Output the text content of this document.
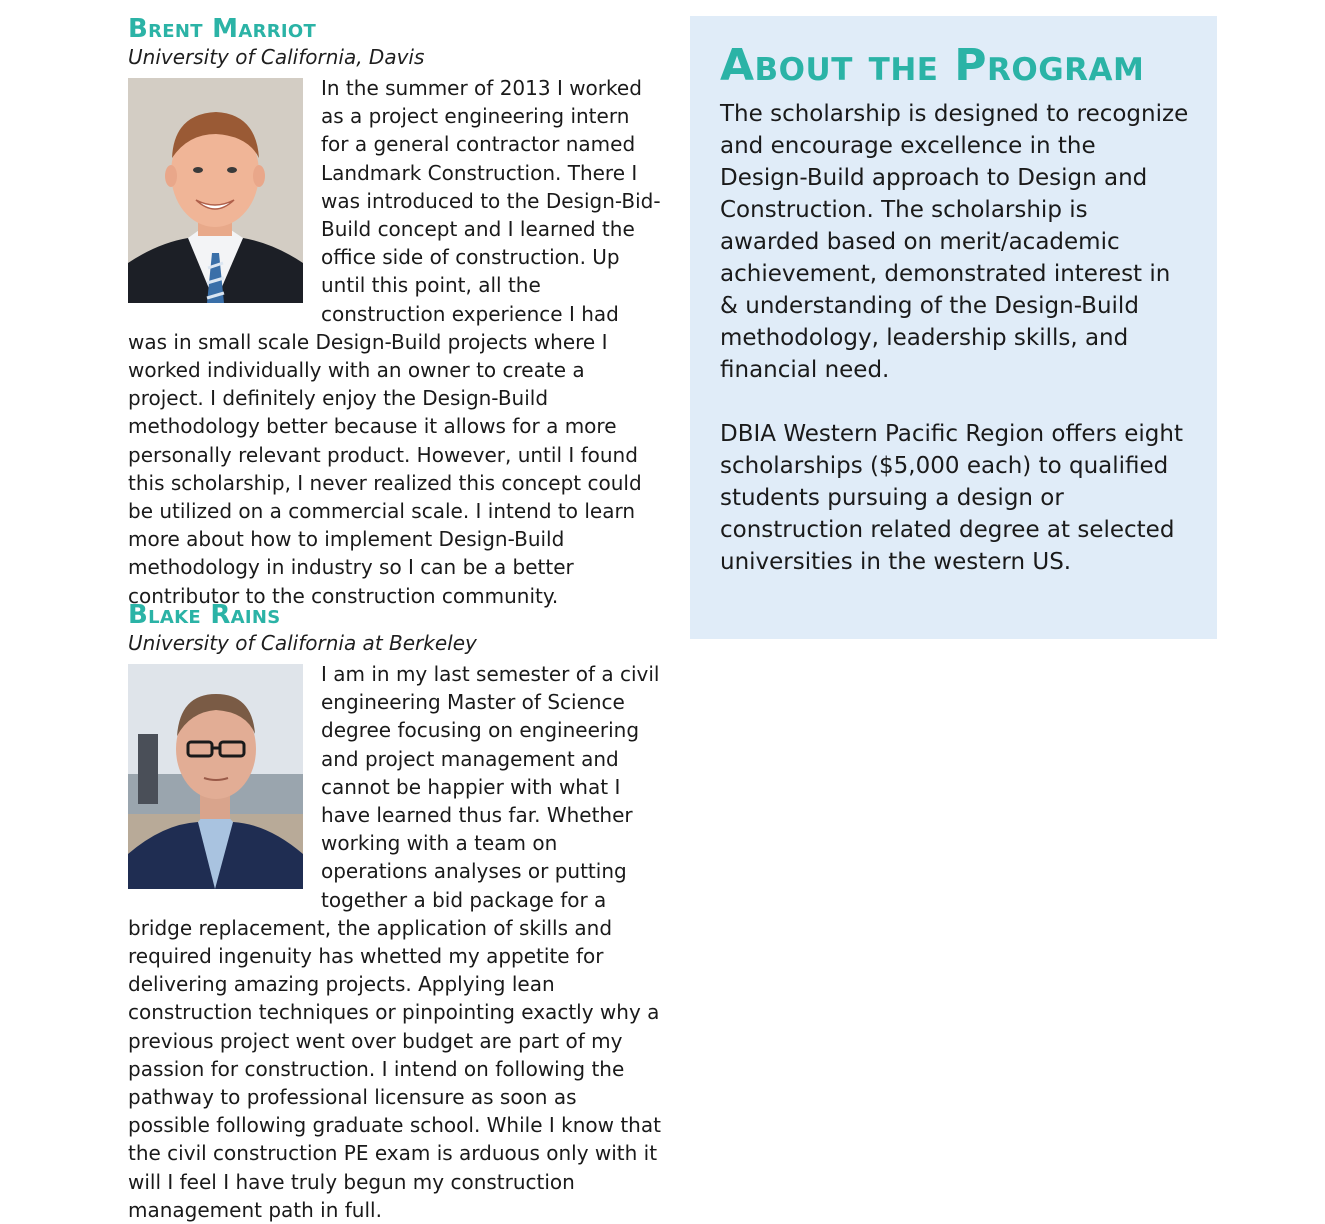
Brent Marriot

University of California, Davis

In the summer of 2013 I worked as a project engineering intern for a general contractor named Landmark Construction. There I was introduced to the Design-Bid-Build concept and I learned the office side of construction. Up until this point, all the construction experience I had was in small scale Design-Build projects where I worked individually with an owner to create a project. I definitely enjoy the Design-Build methodology better because it allows for a more personally relevant product. However, until I found this scholarship, I never realized this concept could be utilized on a commercial scale. I intend to learn more about how to implement Design-Build methodology in industry so I can be a better contributor to the construction community.

Blake Rains

University of California at Berkeley

I am in my last semester of a civil engineering Master of Science degree focusing on engineering and project management and cannot be happier with what I have learned thus far. Whether working with a team on operations analyses or putting together a bid package for a bridge replacement, the application of skills and required ingenuity has whetted my appetite for delivering amazing projects. Applying lean construction techniques or pinpointing exactly why a previous project went over budget are part of my passion for construction. I intend on following the pathway to professional licensure as soon as possible following graduate school. While I know that the civil construction PE exam is arduous only with it will I feel I have truly begun my construction management path in full.

About the Program

The scholarship is designed to recognize and encourage excellence in the Design-Build approach to Design and Construction. The scholarship is awarded based on merit/academic achievement, demonstrated interest in & understanding of the Design-Build methodology, leadership skills, and financial need.

DBIA Western Pacific Region offers eight scholarships ($5,000 each) to qualified students pursuing a design or construction related degree at selected universities in the western US.
